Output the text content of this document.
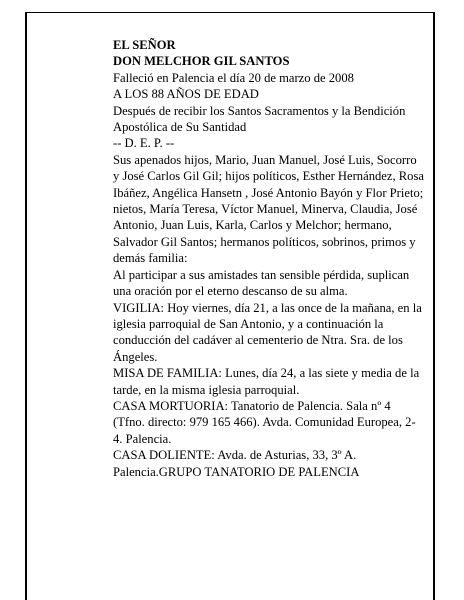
EL SEÑOR

DON MELCHOR GIL SANTOS

Falleció en Palencia el día 20 de marzo de 2008

A LOS 88 AÑOS DE EDAD

Después de recibir los Santos Sacramentos y la Bendición Apostólica de Su Santidad

-- D. E. P. --

Sus apenados hijos, Mario, Juan Manuel, José Luis, Socorro y José Carlos Gil Gil; hijos políticos, Esther Hernández, Rosa Ibáñez, Angélica Hansetn , José Antonio Bayón y Flor Prieto; nietos, María Teresa, Víctor Manuel, Minerva, Claudia, José Antonio, Juan Luis, Karla, Carlos y Melchor; hermano, Salvador Gil Santos; hermanos políticos, sobrinos, primos y demás familia:

Al participar a sus amistades tan sensible pérdida, suplican una oración por el eterno descanso de su alma.

VIGILIA: Hoy viernes, día 21, a las once de la mañana, en la iglesia parroquial de San Antonio, y a continuación la conducción del cadáver al cementerio de Ntra. Sra. de los Ángeles.

MISA DE FAMILIA: Lunes, día 24, a las siete y media de la tarde, en la misma iglesia parroquial.

CASA MORTUORIA: Tanatorio de Palencia. Sala nº 4 (Tfno. directo: 979 165 466). Avda. Comunidad Europea, 2-4. Palencia.

CASA DOLIENTE: Avda. de Asturias, 33, 3º A. Palencia.GRUPO TANATORIO DE PALENCIA
